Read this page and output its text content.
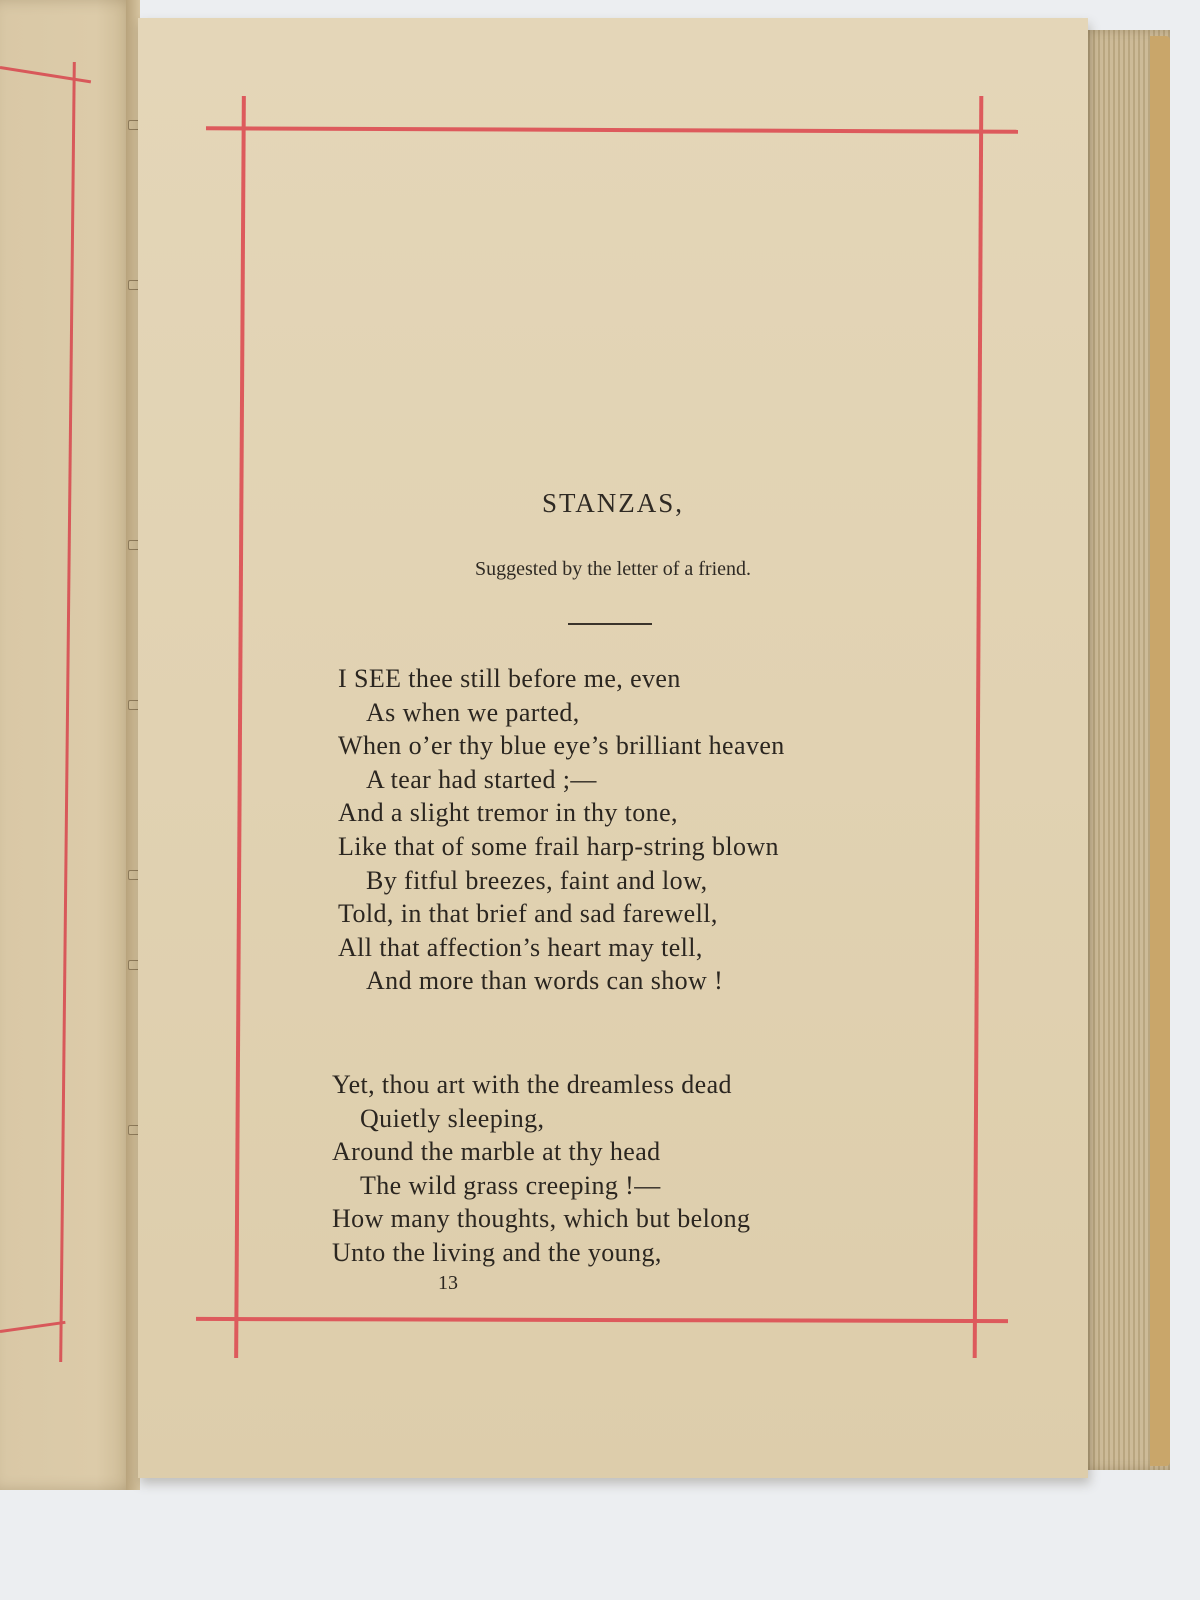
STANZAS,
Suggested by the letter of a friend.
I SEE thee still before me, even
As when we parted,
When o’er thy blue eye’s brilliant heaven
A tear had started ;—
And a slight tremor in thy tone,
Like that of some frail harp-string blown
By fitful breezes, faint and low,
Told, in that brief and sad farewell,
All that affection’s heart may tell,
And more than words can show !
Yet, thou art with the dreamless dead
Quietly sleeping,
Around the marble at thy head
The wild grass creeping !—
How many thoughts, which but belong
Unto the living and the young,
13
